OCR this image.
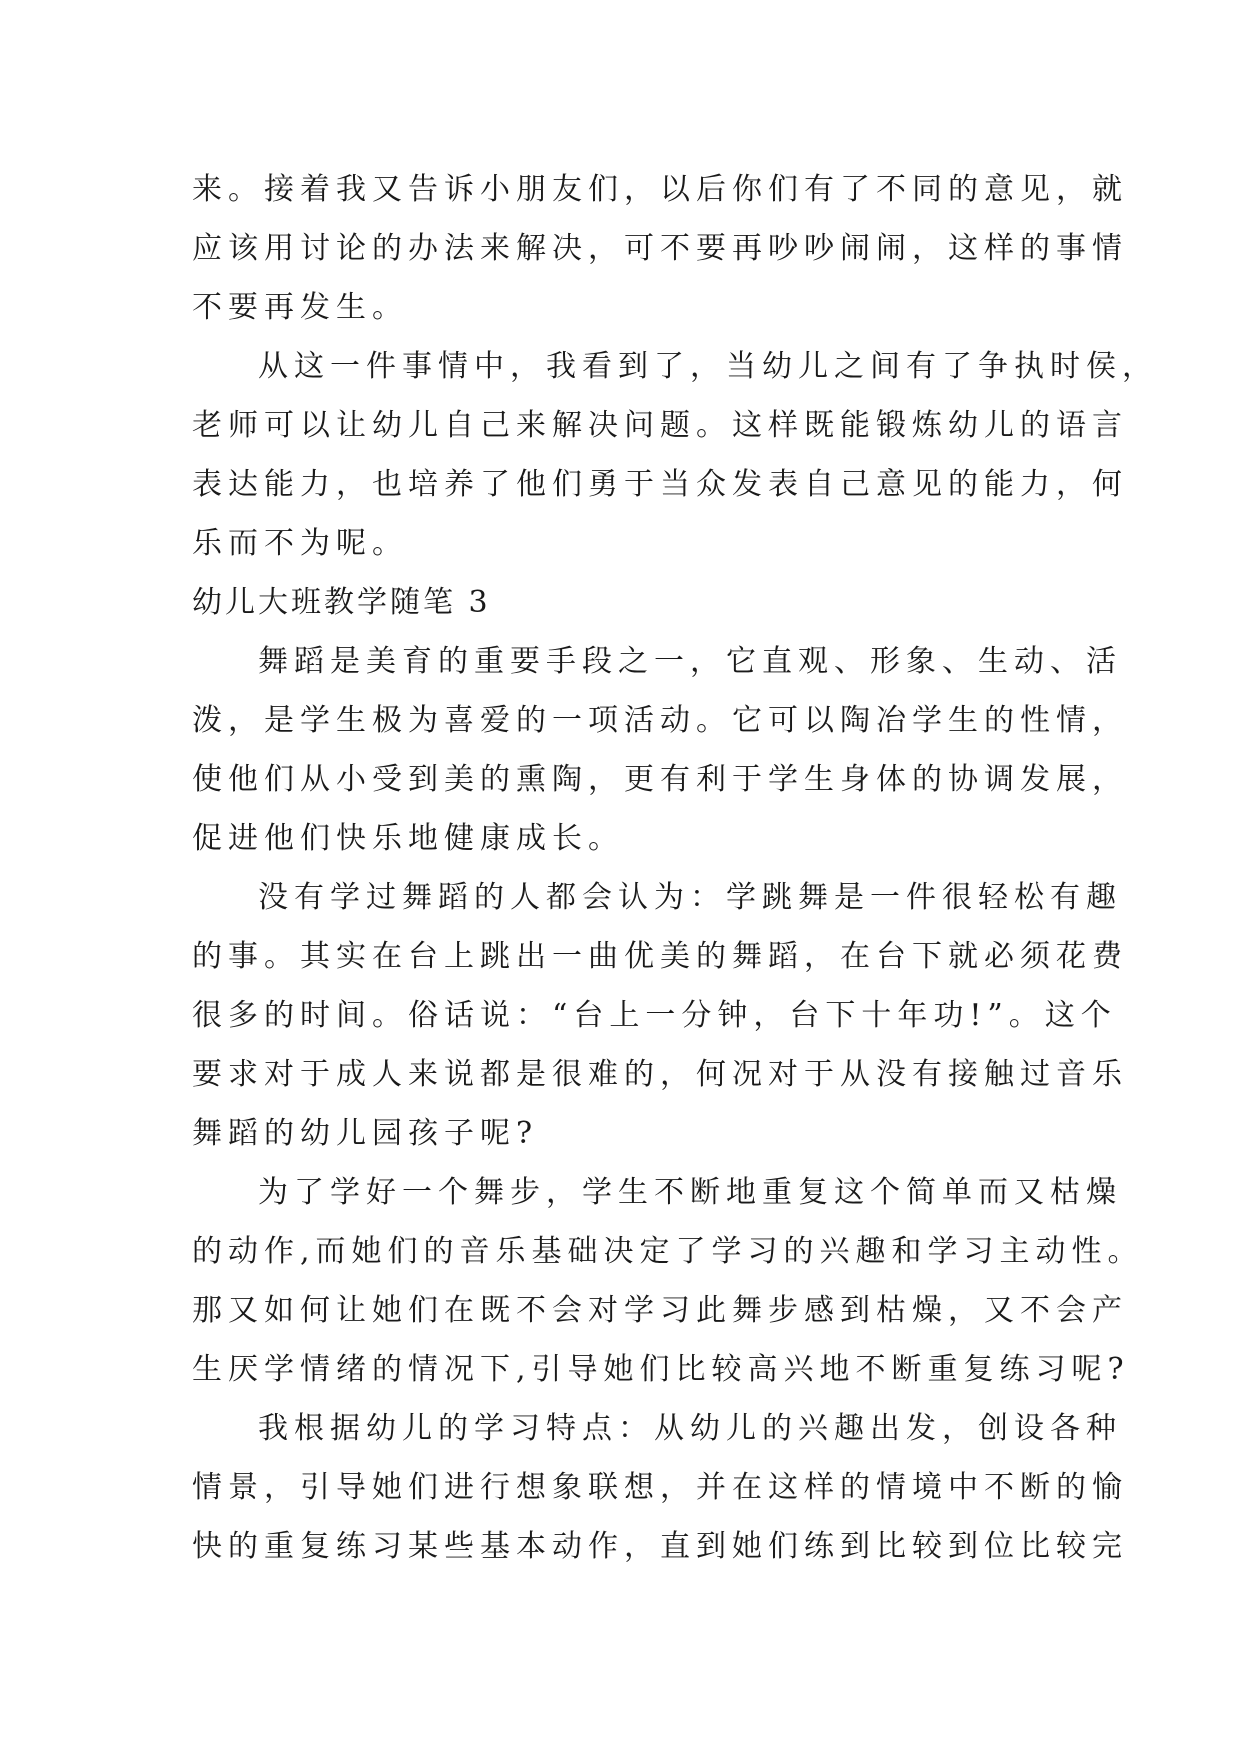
来。接着我又告诉小朋友们，以后你们有了不同的意见，就
应该用讨论的办法来解决，可不要再吵吵闹闹，这样的事情
不要再发生。
从这一件事情中，我看到了，当幼儿之间有了争执时侯，
老师可以让幼儿自己来解决问题。这样既能锻炼幼儿的语言
表达能力，也培养了他们勇于当众发表自己意见的能力，何
乐而不为呢。
幼儿大班教学随笔 3
舞蹈是美育的重要手段之一，它直观、形象、生动、活
泼，是学生极为喜爱的一项活动。它可以陶冶学生的性情，
使他们从小受到美的熏陶，更有利于学生身体的协调发展，
促进他们快乐地健康成长。
没有学过舞蹈的人都会认为：学跳舞是一件很轻松有趣
的事。其实在台上跳出一曲优美的舞蹈，在台下就必须花费
很多的时间。俗话说：“台上一分钟，台下十年功!”。这个
要求对于成人来说都是很难的，何况对于从没有接触过音乐
舞蹈的幼儿园孩子呢?
为了学好一个舞步，学生不断地重复这个简单而又枯燥
的动作,而她们的音乐基础决定了学习的兴趣和学习主动性。
那又如何让她们在既不会对学习此舞步感到枯燥，又不会产
生厌学情绪的情况下,引导她们比较高兴地不断重复练习呢?
我根据幼儿的学习特点：从幼儿的兴趣出发，创设各种
情景，引导她们进行想象联想，并在这样的情境中不断的愉
快的重复练习某些基本动作，直到她们练到比较到位比较完
